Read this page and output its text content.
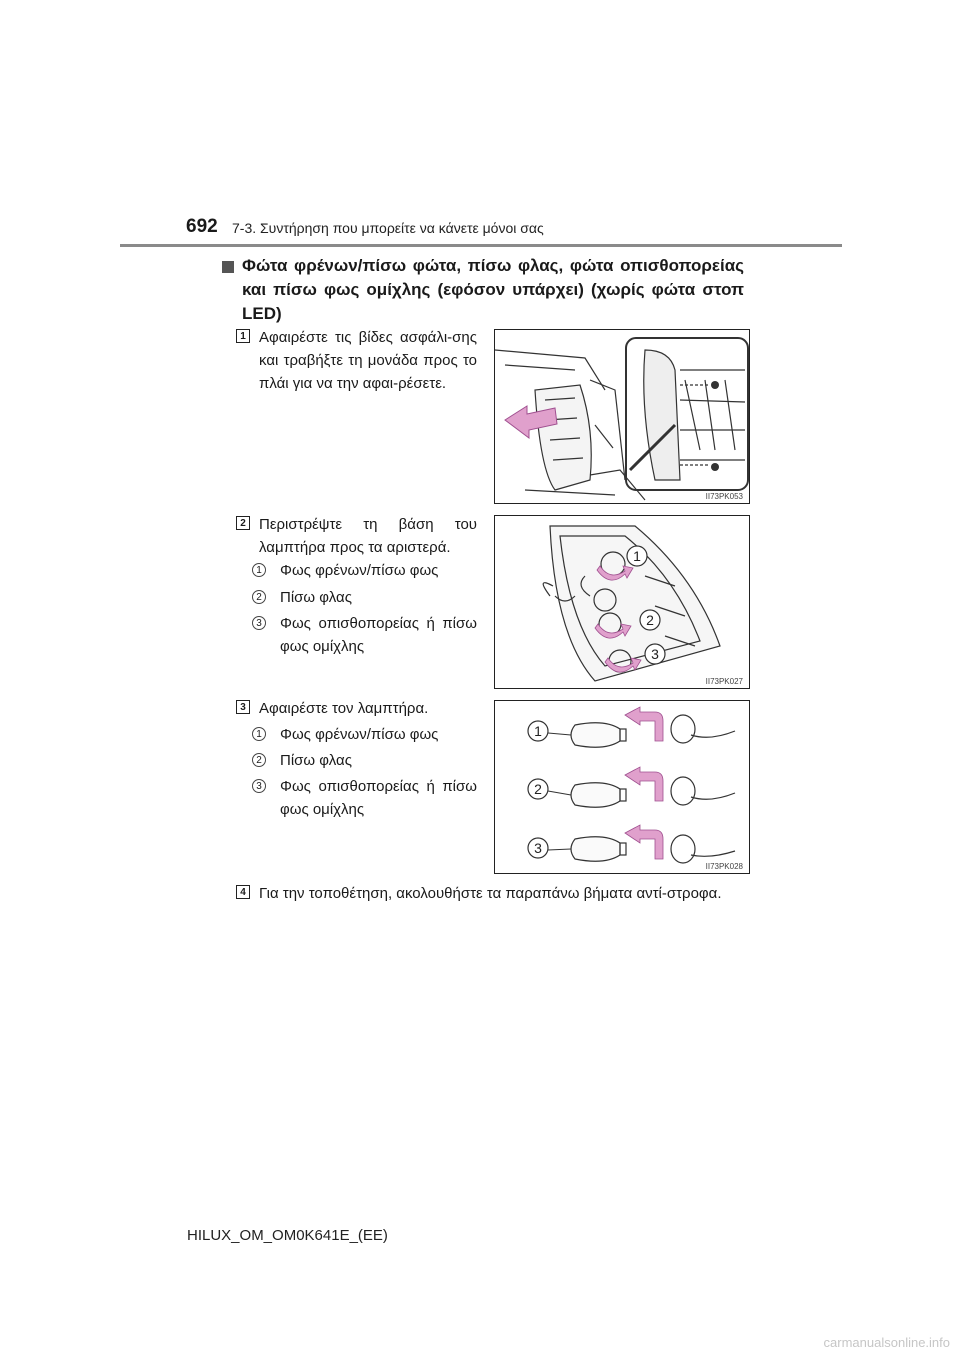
692 7-3. Συντήρηση που μπορείτε να κάνετε μόνοι σας
Φώτα φρένων/πίσω φώτα, πίσω φλας, φώτα οπισθοπορείας και πίσω φως ομίχλης (εφόσον υπάρχει) (χωρίς φώτα στοπ LED)
1 Αφαιρέστε τις βίδες ασφάλι-σης και τραβήξτε τη μονάδα προς το πλάι για να την αφαι-ρέσετε.
II73PK053
2 Περιστρέψτε τη βάση του λαμπτήρα προς τα αριστερά.
1 Φως φρένων/πίσω φως
2 Πίσω φλας
3 Φως οπισθοπορείας ή πίσω φως ομίχλης
1
2
3
II73PK027
3 Αφαιρέστε τον λαμπτήρα.
1 Φως φρένων/πίσω φως
2 Πίσω φλας
3 Φως οπισθοπορείας ή πίσω φως ομίχλης
1
2
3
II73PK028
4 Για την τοποθέτηση, ακολουθήστε τα παραπάνω βήματα αντί-στροφα.
HILUX_OM_OM0K641E_(EE)
carmanualsonline.info
